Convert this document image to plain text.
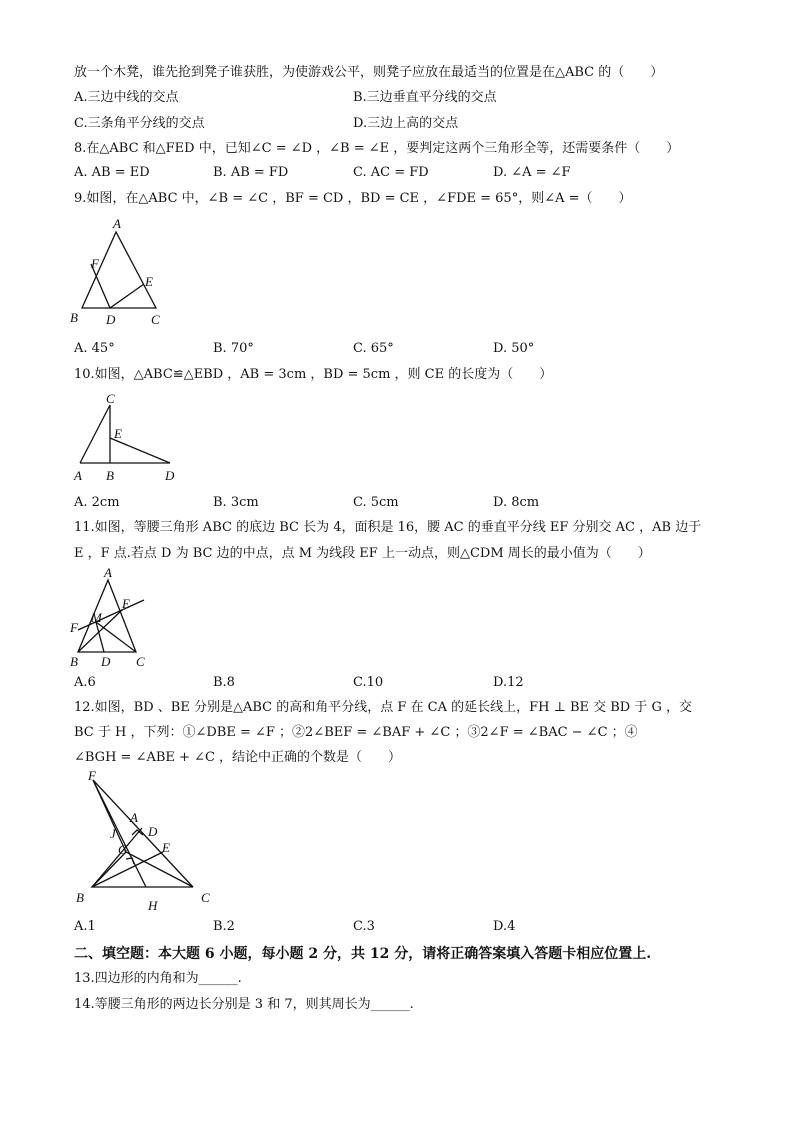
放一个木凳，谁先抢到凳子谁获胜，为使游戏公平，则凳子应放在最适当的位置是在△ABC 的（　　）
A.三边中线的交点	B.三边垂直平分线的交点
C.三条角平分线的交点	D.三边上高的交点
8.在△ABC 和△FED 中，已知∠C = ∠D ，∠B = ∠E ，要判定这两个三角形全等，还需要条件（　　）
A. AB = ED	B. AB = FD	C. AC = FD	D. ∠A = ∠F
9.如图，在△ABC 中，∠B = ∠C ，BF = CD ，BD = CE ，∠FDE = 65°，则∠A =（　　）
A
F
E
B D	C
A. 45°	B. 70°	C. 65°	D. 50°
10.如图，△ABC≌△EBD ，AB = 3cm ，BD = 5cm ，则 CE 的长度为（　　）
C
E
A B	D
A. 2cm	B. 3cm	C. 5cm	D. 8cm
11.如图，等腰三角形 ABC 的底边 BC 长为 4，面积是 16，腰 AC 的垂直平分线 EF 分别交 AC ，AB 边于
E ，F 点.若点 D 为 BC 边的中点，点 M 为线段 EF 上一动点，则△CDM 周长的最小值为（　　）
A
E
M
F
B D C
A.6	B.8	C.10	D.12
12.如图，BD 、BE 分别是△ABC 的高和角平分线，点 F 在 CA 的延长线上，FH ⊥ BE 交 BD 于 G ，交
BC 于 H ，下列：①∠DBE = ∠F ；②2∠BEF = ∠BAF + ∠C ；③2∠F = ∠BAC − ∠C ；④
∠BGH = ∠ABE + ∠C ，结论中正确的个数是（　　）
F
A
D
J
G	E
B	C
H
A.1	B.2	C.3	D.4
二、填空题：本大题 6 小题，每小题 2 分，共 12 分，请将正确答案填入答题卡相应位置上.
13.四边形的内角和为______.
14.等腰三角形的两边长分别是 3 和 7，则其周长为______.
